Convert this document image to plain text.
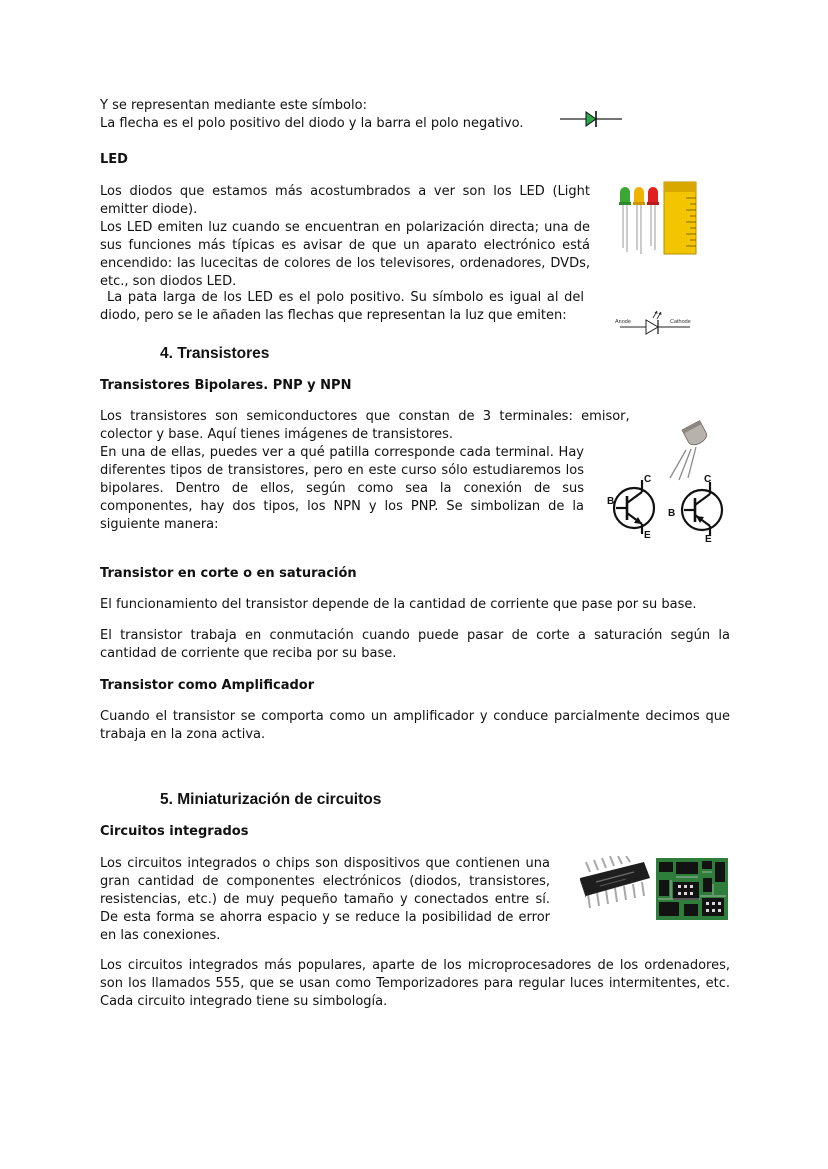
Y se representan mediante este símbolo:

La flecha es el polo positivo del diodo y la barra el polo negativo.

LED

Los diodos que estamos más acostumbrados a ver son los LED (Light emitter diode).

Los LED emiten luz cuando se encuentran en polarización directa; una de sus funciones más típicas es avisar de que un aparato electrónico está encendido: las lucecitas de colores de los televisores, ordenadores, DVDs, etc., son diodos LED.

La pata larga de los LED es el polo positivo. Su símbolo es igual al del diodo, pero se le añaden las flechas que representan la luz que emiten:	Anode	Cathode

4. Transistores

Transistores Bipolares. PNP y NPN

Los transistores son semiconductores que constan de 3 terminales: emisor,

colector y base. Aquí tienes imágenes de transistores.

En una de ellas, puedes ver a qué patilla corresponde cada terminal. Hay diferentes tipos de transistores, pero en este curso sólo estudiaremos los bipolares. Dentro de ellos, según como sea la conexión de sus componentes, hay dos tipos, los NPN y los PNP. Se simbolizan de la siguiente manera:

C
B
E
C
B
E

Transistor en corte o en saturación

El funcionamiento del transistor depende de la cantidad de corriente que pase por su base.

El transistor trabaja en conmutación cuando puede pasar de corte a saturación según la cantidad de corriente que reciba por su base.

Transistor como Amplificador

Cuando el transistor se comporta como un amplificador y conduce parcialmente decimos que trabaja en la zona activa.

5. Miniaturización de circuitos

Circuitos integrados

Los circuitos integrados o chips son dispositivos que contienen una gran cantidad de componentes electrónicos (diodos, transistores, resistencias, etc.) de muy pequeño tamaño y conectados entre sí. De esta forma se ahorra espacio y se reduce la posibilidad de error en las conexiones.

Los circuitos integrados más populares, aparte de los microprocesadores de los ordenadores, son los llamados 555, que se usan como Temporizadores para regular luces intermitentes, etc. Cada circuito integrado tiene su simbología.
